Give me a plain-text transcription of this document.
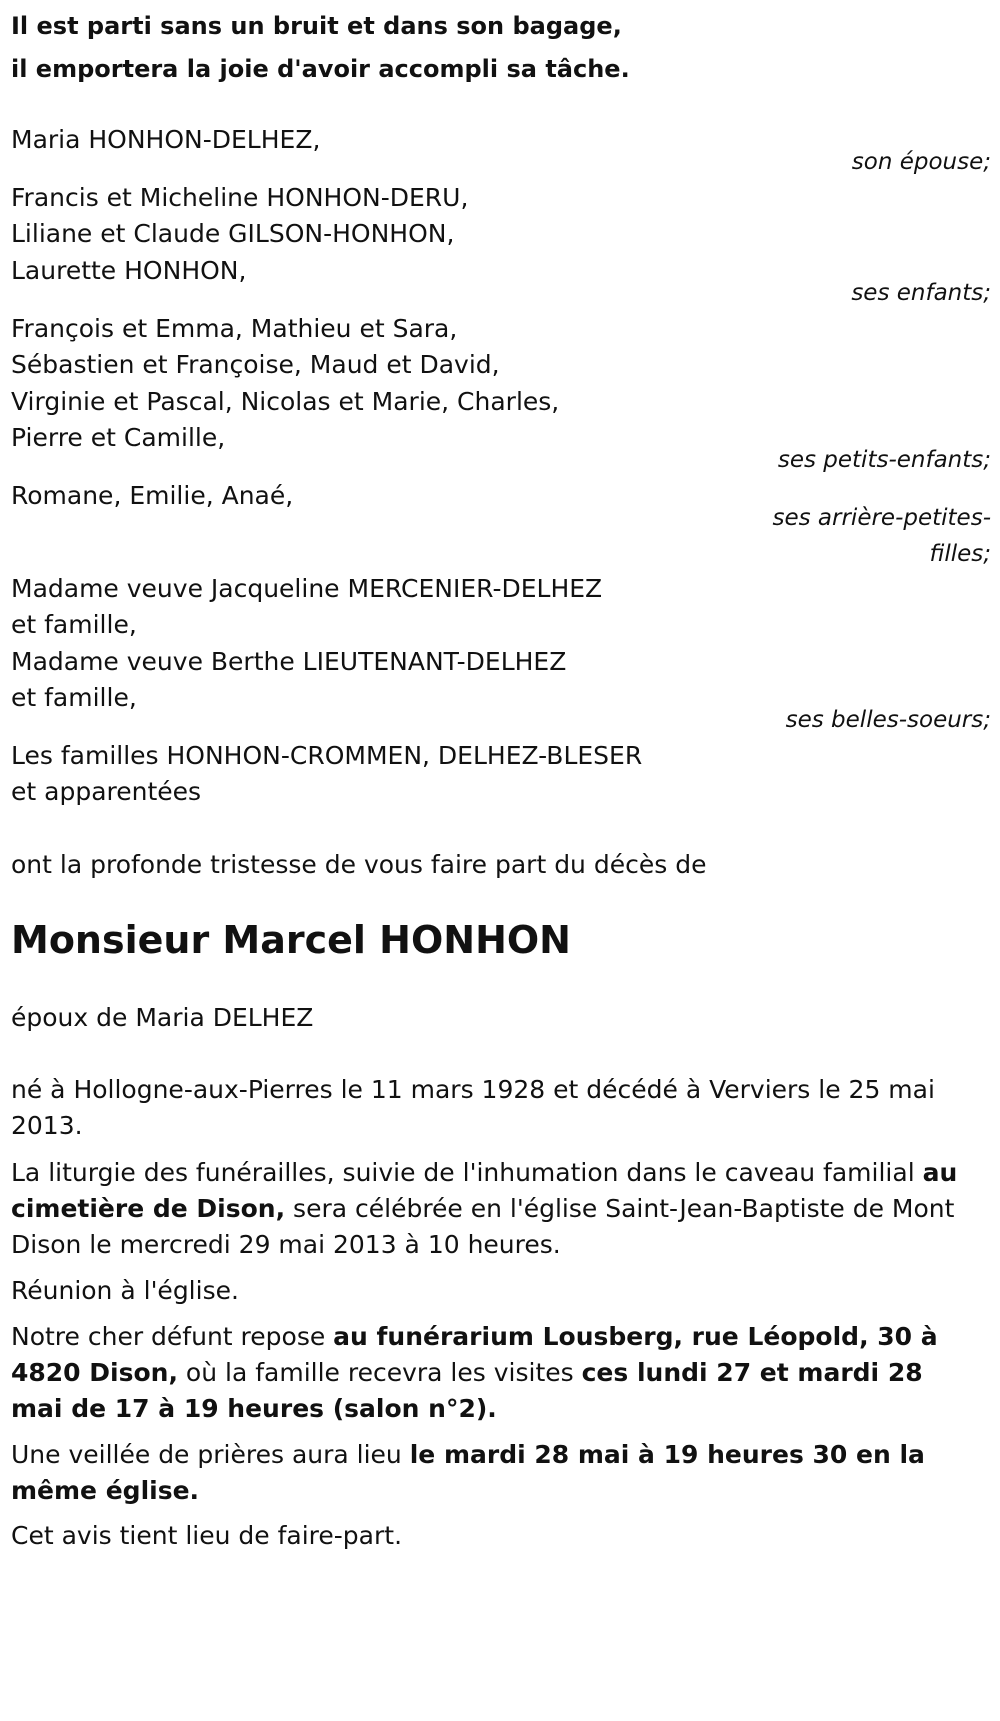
Il est parti sans un bruit et dans son bagage,
il emportera la joie d'avoir accompli sa tâche.
Maria HONHON-DELHEZ,
son épouse;
Francis et Micheline HONHON-DERU,
Liliane et Claude GILSON-HONHON,
Laurette HONHON,
ses enfants;
François et Emma, Mathieu et Sara,
Sébastien et Françoise, Maud et David,
Virginie et Pascal, Nicolas et Marie, Charles,
Pierre et Camille,
ses petits-enfants;
Romane, Emilie, Anaé,
ses arrière-petites-
filles;
Madame veuve Jacqueline MERCENIER-DELHEZ
et famille,
Madame veuve Berthe LIEUTENANT-DELHEZ
et famille,
ses belles-soeurs;
Les familles HONHON-CROMMEN, DELHEZ-BLESER
et apparentées
ont la profonde tristesse de vous faire part du décès de
Monsieur Marcel HONHON
époux de Maria DELHEZ
né à Hollogne-aux-Pierres le 11 mars 1928 et décédé à Verviers le 25 mai 2013.
La liturgie des funérailles, suivie de l'inhumation dans le caveau familial au cimetière de Dison, sera célébrée en l'église Saint-Jean-Baptiste de Mont Dison le mercredi 29 mai 2013 à 10 heures.
Réunion à l'église.
Notre cher défunt repose au funérarium Lousberg, rue Léopold, 30 à 4820 Dison, où la famille recevra les visites ces lundi 27 et mardi 28 mai de 17 à 19 heures (salon n°2).
Une veillée de prières aura lieu le mardi 28 mai à 19 heures 30 en la même église.
Cet avis tient lieu de faire-part.
